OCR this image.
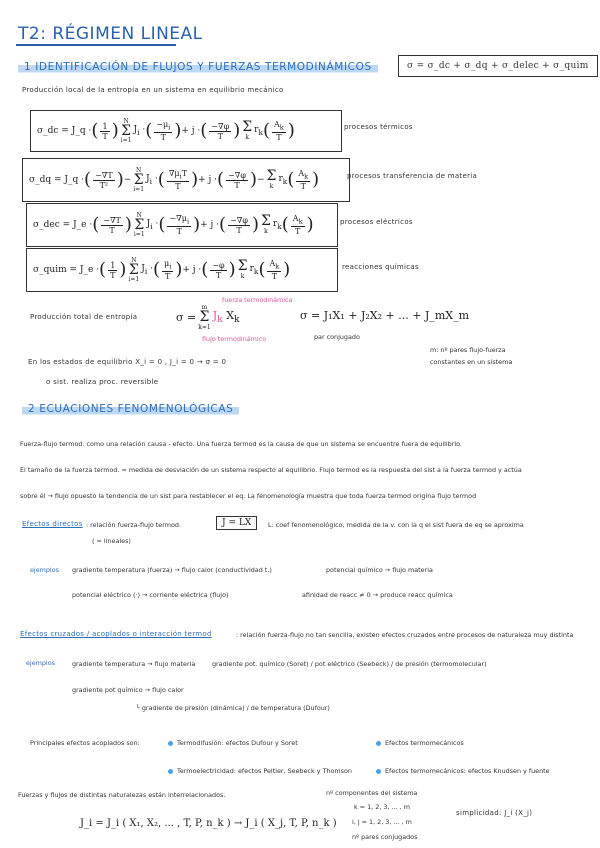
T2: RÉGIMEN LINEAL
1 IDENTIFICACIÓN DE FLUJOS Y FUERZAS TERMODINÁMICOS	σ = σ_dc + σ_dq + σ_delec + σ_quim
Producción local de la entropía en un sistema en equilibrio mecánico
σ_dc = J_q · ( $\frac{1}{T}$ ) N
Σ
i=1
$J_i$ · ( $\frac{-\mu_i}{T}$ ) + j · ( $\frac{-\nabla\varphi}{T}$ ) Σ
k
$r_k$ ( $\frac{A_k}{T}$ )	procesos térmicos
σ_dq = J_q · ( $\frac{-\nabla T}{\text{T²}}$ ) −
N
Σ
i=1
$J_i$ · ( $\frac{\nabla\mu_iT}{T}$ ) + j · ( $\frac{-\nabla\varphi}{T}$ ) − Σ
k
$r_k$ ( $\frac{A_k}{T}$ )	procesos transferencia de materia
σ_dec = J_e · ( $\frac{-\nabla T}{T}$ ) N
Σ
i=1
$J_i$ · ( $\frac{-\nabla\mu_i}{T}$ ) + j · ( $\frac{-\nabla\varphi}{T}$ ) Σ
k
$r_k$ ( $\frac{A_k}{T}$ )	procesos eléctricos
σ_quim = J_e · ( $\frac{1}{T}$ ) N
Σ
i=1
$J_i$ · ( $\frac{\mu_i}{T}$ ) + j · ( $\frac{-\varphi}{T}$ ) Σ
k
$r_k$ ( $\frac{A_k}{T}$ )	reacciones químicas
Producción total de entropía
fuerza termodinámica
flujo termodinámico
σ =
m
Σ
k=1
$J_k$
$X_k$	σ = J₁X₁ + J₂X₂ + ... + J_mX_m
par conjugado
m: nº pares flujo-fuerza
constantes en un sistema
En los estados de equilibrio X_i = 0 , J_i = 0 → σ = 0
o sist. realiza proc. reversible
2 ECUACIONES FENOMENOLÓGICAS
Fuerza-flujo termod. como una relación causa - efecto. Una fuerza termod es la causa de que un sistema se encuentre fuera de equilibrio.
El tamaño de la fuerza termod. = medida de desviación de un sistema respecto al equilibrio. Flujo termod es la respuesta del sist a la fuerza termod y actúa
sobre él → flujo opuesto la tendencia de un sist para restablecer el eq. La fenomenología muestra que toda fuerza termod origina flujo termod
Efectos directos : relación fuerza-flujo termod.	J = LX	L: coef fenomenológico, medida de la v. con la q el sist fuera de eq se aproxima
( = lineales)
ejemplos gradiente temperatura (fuerza) → flujo calor (conductividad t.)	potencial químico → flujo materia
potencial eléctrico (·) → corriente eléctrica (flujo)	afinidad de reacc ≠ 0 → produce reacc química
Efectos cruzados / acoplados o interacción termod	: relación fuerza-flujo no tan sencilla, existen efectos cruzados entre procesos de naturaleza muy distinta
ejemplos	gradiente temperatura → flujo materia	gradiente pot. químico (Soret) / pot eléctrico (Seebeck) / de presión (termomolecular)
gradiente pot químico → flujo calor
└ gradiente de presión (dinámica) / de temperatura (Dufour)
Principales efectos acoplados son:	Termodifusión: efectos Dufour y Soret	Efectos termomecánicos
Termoelectricidad: efectos Peltier, Seebeck y Thomson	Efectos termomecánicos: efectos Knudsen y fuente
Fuerzas y flujos de distintas naturalezas están interrelacionados.	nº componentes del sistema
k = 1, 2, 3, ... , m
i, j = 1, 2, 3, ... , m
nº pares conjugados
simplicidad: J_i (X_j)
J_i = J_i ( X₁, X₂, ... , T, P, n_k ) → J_i ( X_j, T, P, n_k )
